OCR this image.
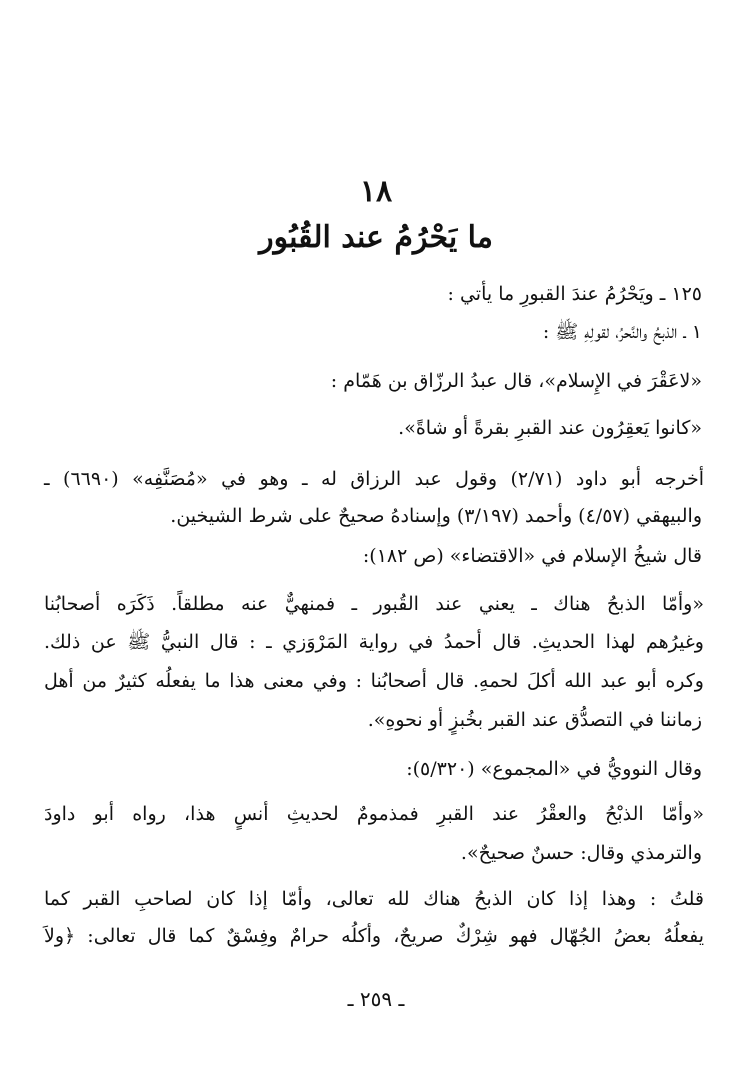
١٨
ما يَحْرُمُ عند القُبُور
١٢٥ ـ ويَحْرُمُ عندَ القبورِ ما يأتي :
١ ـ الذبحُ والنَّحرُ، لقولِهِ ﷺ :
«لاعَقْرَ في الإِسلام»، قال عبدُ الرزّاق بن هَمّام :
«كانوا يَعقِرُون عند القبرِ بقرةً أو شاةً».
أخرجه أبو داود (٢/٧١) وقول عبد الرزاق له ـ وهو في «مُصَنَّفِه» (٦٦٩٠) ـ
والبيهقي (٤/٥٧) وأحمد (٣/١٩٧) وإسنادهُ صحيحٌ على شرط الشيخين.
قال شيخُ الإسلام في «الاقتضاء» (ص ١٨٢):
«وأمّا الذبحُ هناك ـ يعني عند القُبور ـ فمنهيٌّ عنه مطلقاً. ذَكَرَه أصحابُنا
وغيرُهم لهذا الحديثِ. قال أحمدُ في رواية المَرْوَزي ـ : قال النبيُّ ﷺ عن ذلك.
وكره أبو عبد الله أكلَ لحمهِ. قال أصحابُنا : وفي معنى هذا ما يفعلُه كثيرٌ من أهل
زماننا في التصدُّق عند القبر بخُبزٍ أو نحوهِ».
وقال النوويُّ في «المجموع» (٥/٣٢٠):
«وأمّا الذبْحُ والعقْرُ عند القبرِ فمذمومٌ لحديثِ أنسٍ هذا، رواه أبو داودَ
والترمذي وقال: حسنٌ صحيحٌ».
قلتُ : وهذا إذا كان الذبحُ هناك لله تعالى، وأمّا إذا كان لصاحبِ القبر كما
يفعلُهُ بعضُ الجُهّال فهو شِرْكٌ صريحٌ، وأكلُه حرامٌ وفِسْقٌ كما قال تعالى: ﴿ولاَ
ـ ٢٥٩ ـ
